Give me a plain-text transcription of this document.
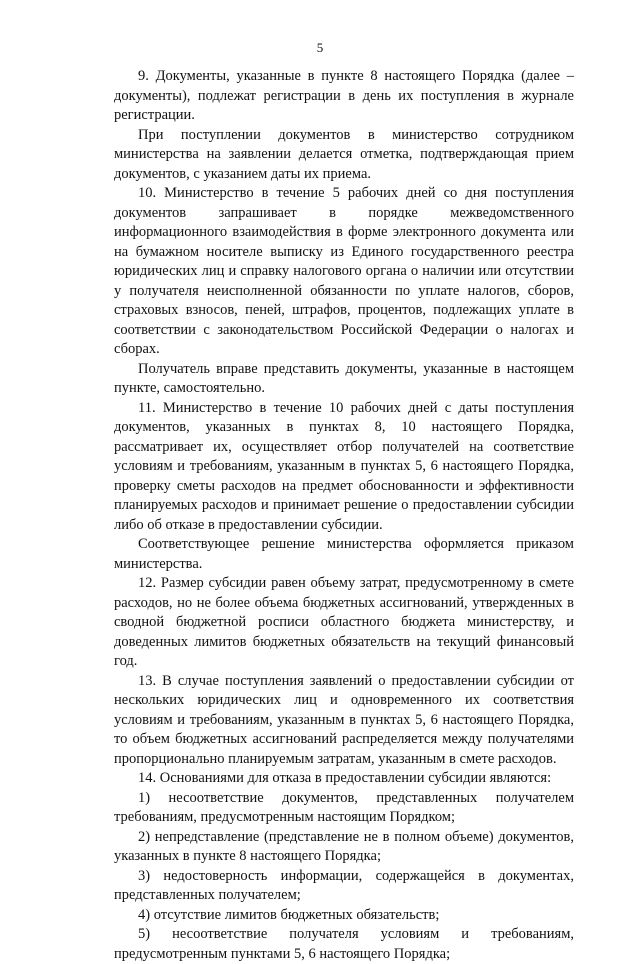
5

9. Документы, указанные в пункте 8 настоящего Порядка (далее – документы), подлежат регистрации в день их поступления в журнале регистрации.

При поступлении документов в министерство сотрудником министерства на заявлении делается отметка, подтверждающая прием документов, с указанием даты их приема.

10. Министерство в течение 5 рабочих дней со дня поступления документов запрашивает в порядке межведомственного информационного взаимодействия в форме электронного документа или на бумажном носителе выписку из Единого государственного реестра юридических лиц и справку налогового органа о наличии или отсутствии у получателя неисполненной обязанности по уплате налогов, сборов, страховых взносов, пеней, штрафов, процентов, подлежащих уплате в соответствии с законодательством Российской Федерации о налогах и сборах.

Получатель вправе представить документы, указанные в настоящем пункте, самостоятельно.

11. Министерство в течение 10 рабочих дней с даты поступления документов, указанных в пунктах 8, 10 настоящего Порядка, рассматривает их, осуществляет отбор получателей на соответствие условиям и требованиям, указанным в пунктах 5, 6 настоящего Порядка, проверку сметы расходов на предмет обоснованности и эффективности планируемых расходов и принимает решение о предоставлении субсидии либо об отказе в предоставлении субсидии.

Соответствующее решение министерства оформляется приказом министерства.

12. Размер субсидии равен объему затрат, предусмотренному в смете расходов, но не более объема бюджетных ассигнований, утвержденных в сводной бюджетной росписи областного бюджета министерству, и доведенных лимитов бюджетных обязательств на текущий финансовый год.

13. В случае поступления заявлений о предоставлении субсидии от нескольких юридических лиц и одновременного их соответствия условиям и требованиям, указанным в пунктах 5, 6 настоящего Порядка, то объем бюджетных ассигнований распределяется между получателями пропорционально планируемым затратам, указанным в смете расходов.

14. Основаниями для отказа в предоставлении субсидии являются:

1) несоответствие документов, представленных получателем требованиям, предусмотренным настоящим Порядком;

2) непредставление (представление не в полном объеме) документов, указанных в пункте 8 настоящего Порядка;

3) недостоверность информации, содержащейся в документах, представленных получателем;

4) отсутствие лимитов бюджетных обязательств;

5) несоответствие получателя условиям и требованиям, предусмотренным пунктами 5, 6 настоящего Порядка;
